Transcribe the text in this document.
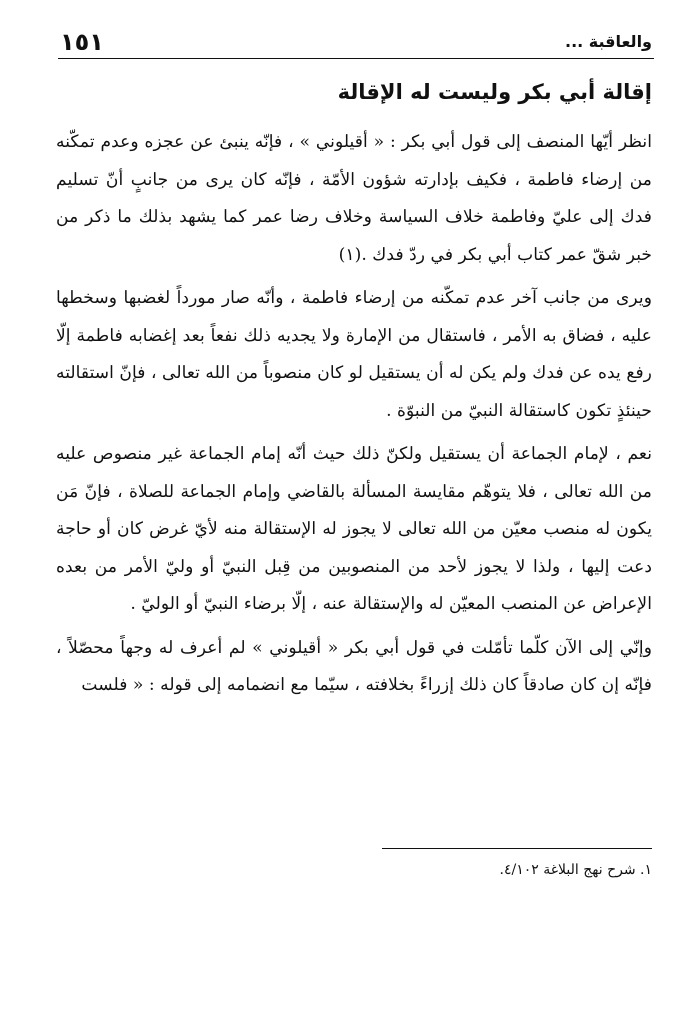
والعاقبة ...
١٥١
إقالة أبي بكر وليست له الإقالة

انظر أيّها المنصف إلى قول أبي بكر : « أقيلوني » ، فإنّه ينبئ عن عجزه وعدم تمكّنه من إرضاء فاطمة ، فكيف بإدارته شؤون الأمّة ، فإنّه كان يرى من جانبٍ أنّ تسليم فدك إلى عليّ وفاطمة خلاف السياسة وخلاف رضا عمر كما يشهد بذلك ما ذكر من خبر شقّ عمر كتاب أبي بكر في ردّ فدك .(١)

ويرى من جانب آخر عدم تمكّنه من إرضاء فاطمة ، وأنّه صار مورداً لغضبها وسخطها عليه ، فضاق به الأمر ، فاستقال من الإمارة ولا يجديه ذلك نفعاً بعد إغضابه فاطمة إلّا رفع يده عن فدك ولم يكن له أن يستقيل لو كان منصوباً من الله تعالى ، فإنّ استقالته حينئذٍ تكون كاستقالة النبيّ من النبوّة .

نعم ، لإمام الجماعة أن يستقيل ولكنّ ذلك حيث أنّه إمام الجماعة غير منصوص عليه من الله تعالى ، فلا يتوهّم مقايسة المسألة بالقاضي وإمام الجماعة للصلاة ، فإنّ مَن يكون له منصب معيّن من الله تعالى لا يجوز له الإستقالة منه لأيّ غرض كان أو حاجة دعت إليها ، ولذا لا يجوز لأحد من المنصوبين من قِبل النبيّ أو وليّ الأمر من بعده الإعراض عن المنصب المعيّن له والإستقالة عنه ، إلّا برضاء النبيّ أو الوليّ .

وإنّي إلى الآن كلّما تأمّلت في قول أبي بكر « أقيلوني » لم أعرف له وجهاً محصّلاً ، فإنّه إن كان صادقاً كان ذلك إزراءً بخلافته ، سيّما مع انضمامه إلى قوله : « فلست

١. شرح نهج البلاغة ٤/١٠٢.
